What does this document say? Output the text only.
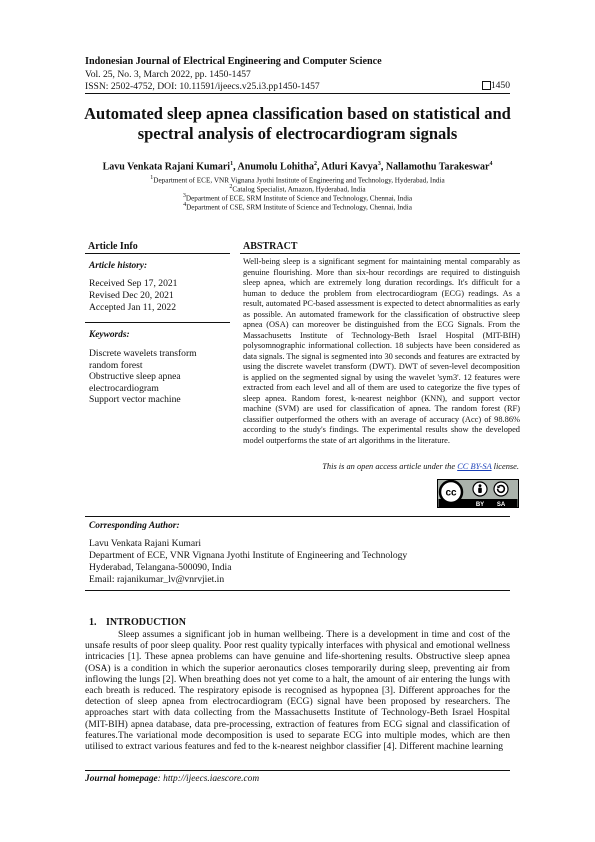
Indonesian Journal of Electrical Engineering and Computer Science
Vol. 25, No. 3, March 2022, pp. 1450-1457
ISSN: 2502-4752, DOI: 10.11591/ijeecs.v25.i3.pp1450-1457	1450
Automated sleep apnea classification based on statistical and
spectral analysis of electrocardiogram signals
Lavu Venkata Rajani Kumari$^1$, Anumolu Lohitha$^2$, Atluri Kavya$^3$, Nallamothu Tarakeswar$^4$
$^1$Department of ECE, VNR Vignana Jyothi Institute of Engineering and Technology, Hyderabad, India
$^2$Catalog Specialist, Amazon, Hyderabad, India
$^3$Department of ECE, SRM Institute of Science and Technology, Chennai, India
$^4$Department of CSE, SRM Institute of Science and Technology, Chennai, India
Article Info	ABSTRACT
Article history:
Received Sep 17, 2021
Revised Dec 20, 2021
Accepted Jan 11, 2022
Keywords:
Discrete wavelets transform
random forest
Obstructive sleep apnea
electrocardiogram
Support vector machine
Well-being sleep is a significant segment for maintaining mental comparably as genuine flourishing. More than six-hour recordings are required to distinguish sleep apnea, which are extremely long duration recordings. It's difficult for a human to deduce the problem from electrocardiogram (ECG) readings. As a result, automated PC-based assessment is expected to detect abnormalities as early as possible. An automated framework for the classification of obstructive sleep apnea (OSA) can moreover be distinguished from the ECG Signals. From the Massachusetts Institute of Technology-Beth Israel Hospital (MIT-BIH) polysomnographic informational collection. 18 subjects have been considered as data signals. The signal is segmented into 30 seconds and features are extracted by using the discrete wavelet transform (DWT). DWT of seven-level decomposition is applied on the segmented signal by using the wavelet 'sym3'. 12 features were extracted from each level and all of them are used to categorize the five types of sleep apnea. Random forest, k-nearest neighbor (KNN), and support vector machine (SVM) are used for classification of apnea. The random forest (RF) classifier outperformed the others with an average of accuracy (Acc) of 98.86% according to the study's findings. The experimental results show the developed model outperforms the state of art algorithms in the literature.
This is an open access article under the CC BY-SA license.
cc
BY SA
Corresponding Author:
Lavu Venkata Rajani Kumari
Department of ECE, VNR Vignana Jyothi Institute of Engineering and Technology
Hyderabad, Telangana-500090, India
Email: rajanikumar_lv@vnrvjiet.in
1. INTRODUCTION
Sleep assumes a significant job in human wellbeing. There is a development in time and cost of the unsafe results of poor sleep quality. Poor rest quality typically interfaces with physical and emotional wellness intricacies [1]. These apnea problems can have genuine and life-shortening results. Obstructive sleep apnea (OSA) is a condition in which the superior aeronautics closes temporarily during sleep, preventing air from inflowing the lungs [2]. When breathing does not yet come to a halt, the amount of air entering the lungs with each breath is reduced. The respiratory episode is recognised as hypopnea [3]. Different approaches for the detection of sleep apnea from electrocardiogram (ECG) signal have been proposed by researchers. The approaches start with data collecting from the Massachusetts Institute of Technology-Beth Israel Hospital (MIT-BIH) apnea database, data pre-processing, extraction of features from ECG signal and classification of features. The variational mode decomposition is used to separate ECG into multiple modes, which are then utilised to extract various features and fed to the k-nearest neighbor classifier [4]. Different machine learning
Journal homepage: http://ijeecs.iaescore.com
